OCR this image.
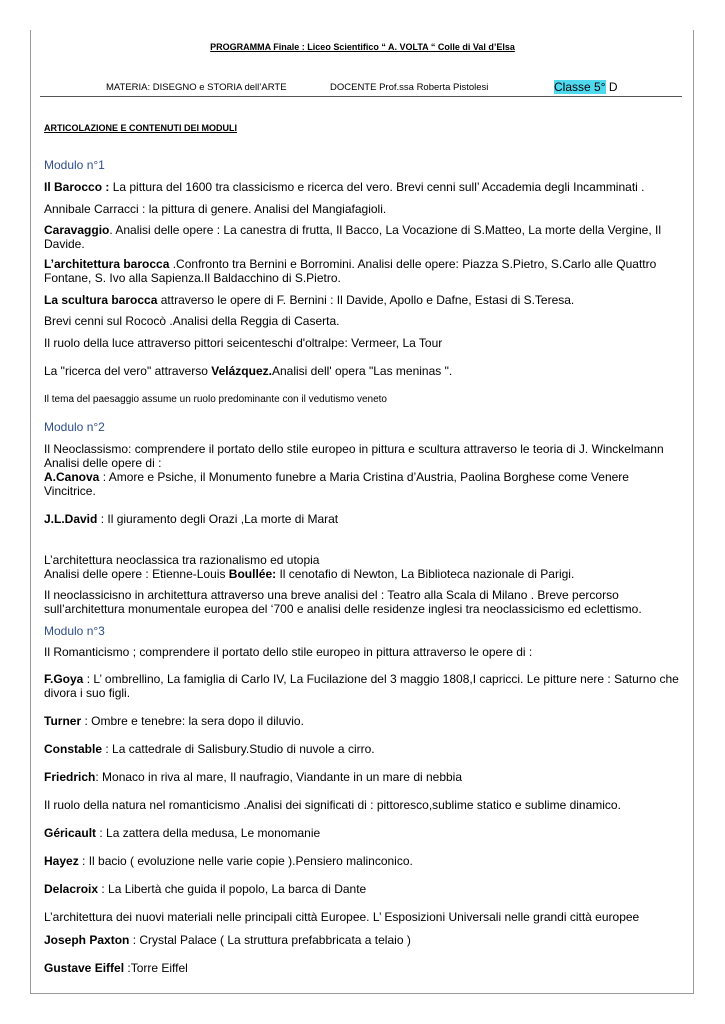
PROGRAMMA Finale : Liceo Scientifico “ A. VOLTA “ Colle di Val d’Elsa
MATERIA: DISEGNO e STORIA dell’ARTE	DOCENTE Prof.ssa Roberta Pistolesi	Classe 5° D
ARTICOLAZIONE E CONTENUTI DEI MODULI

Modulo n°1

Il Barocco : La pittura del 1600 tra classicismo e ricerca del vero. Brevi cenni sull’ Accademia degli Incamminati .

Annibale Carracci : la pittura di genere. Analisi del Mangiafagioli.

Caravaggio. Analisi delle opere : La canestra di frutta, Il Bacco, La Vocazione di S.Matteo, La morte della Vergine, Il Davide.

L’architettura barocca .Confronto tra Bernini e Borromini. Analisi delle opere: Piazza S.Pietro, S.Carlo alle Quattro Fontane, S. Ivo alla Sapienza.Il Baldacchino di S.Pietro.

La scultura barocca attraverso le opere di F. Bernini : Il Davide, Apollo e Dafne, Estasi di S.Teresa.

Brevi cenni sul Rococò .Analisi della Reggia di Caserta.

Il ruolo della luce attraverso pittori seicenteschi d'oltralpe: Vermeer, La Tour

La "ricerca del vero" attraverso Velázquez.Analisi dell' opera "Las meninas ".

Il tema del paesaggio assume un ruolo predominante con il vedutismo veneto

Modulo n°2

Il Neoclassismo: comprendere il portato dello stile europeo in pittura e scultura attraverso le teoria di J. Winckelmann

Analisi delle opere di :

A.Canova : Amore e Psiche, il Monumento funebre a Maria Cristina d’Austria, Paolina Borghese come Venere Vincitrice.

J.L.David : Il giuramento degli Orazi ,La morte di Marat

L’architettura neoclassica tra razionalismo ed utopia

Analisi delle opere : Etienne-Louis Boullée: Il cenotafio di Newton, La Biblioteca nazionale di Parigi.

Il neoclassicisno in architettura attraverso una breve analisi del : Teatro alla Scala di Milano . Breve percorso sull’architettura monumentale europea del ‘700 e analisi delle residenze inglesi tra neoclassicismo ed eclettismo.

Modulo n°3

Il Romanticismo ; comprendere il portato dello stile europeo in pittura attraverso le opere di :

F.Goya : L’ ombrellino, La famiglia di Carlo IV, La Fucilazione del 3 maggio 1808,I capricci. Le pitture nere : Saturno che divora i suo figli.

Turner : Ombre e tenebre: la sera dopo il diluvio.

Constable : La cattedrale di Salisbury.Studio di nuvole a cirro.

Friedrich: Monaco in riva al mare, Il naufragio, Viandante in un mare di nebbia

Il ruolo della natura nel romanticismo .Analisi dei significati di : pittoresco,sublime statico e sublime dinamico.

Géricault : La zattera della medusa, Le monomanie

Hayez : Il bacio ( evoluzione nelle varie copie ).Pensiero malinconico.

Delacroix : La Libertà che guida il popolo, La barca di Dante

L’architettura dei nuovi materiali nelle principali città Europee. L’ Esposizioni Universali nelle grandi città europee

Joseph Paxton : Crystal Palace ( La struttura prefabbricata a telaio )

Gustave Eiffel :Torre Eiffel
